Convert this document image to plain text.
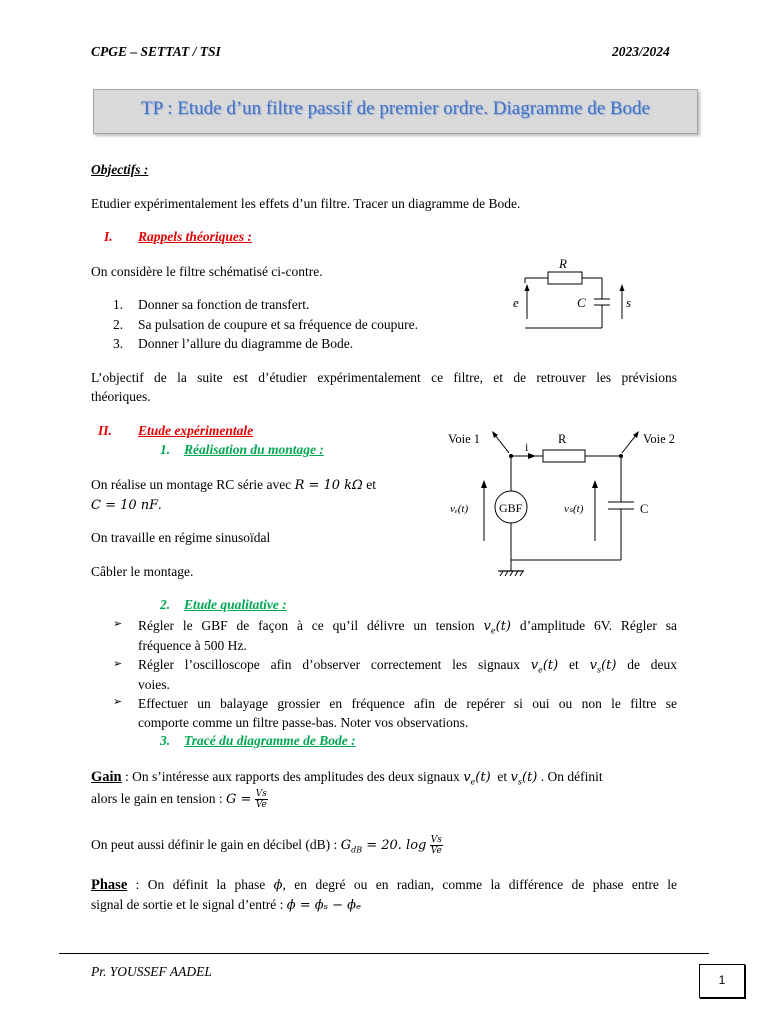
CPGE – SETTAT / TSI	2023/2024
TP : Etude d’un filtre passif de premier ordre. Diagramme de Bode
Objectifs :
Etudier expérimentalement les effets d’un filtre. Tracer un diagramme de Bode.
I. Rappels théoriques :
On considère le filtre schématisé ci-contre.
1. Donner sa fonction de transfert.
2. Sa pulsation de coupure et sa fréquence de coupure.
3. Donner l’allure du diagramme de Bode.
R
C
e	s
L’objectif de la suite est d’étudier expérimentalement ce filtre, et de retrouver les prévisions
théoriques.
II. Etude expérimentale
1. Réalisation du montage :
On réalise un montage RC série avec R = 10 kΩ et
C = 10 nF.
On travaille en régime sinusoïdal
Câbler le montage.
Voie 1	Voie 2
i
R
C
vₑ(t)	vₛ(t)
GBF
2. Etude qualitative :
➢ Régler le GBF de façon à ce qu’il délivre un tension $v_e(t)$ d’amplitude 6V. Régler sa
fréquence à 500 Hz.
➢ Régler l’oscilloscope afin d’observer correctement les signaux $v_e(t)$ et $v_s(t)$ de deux
voies.
➢ Effectuer un balayage grossier en fréquence afin de repérer si oui ou non le filtre se
comporte comme un filtre passe-bas. Noter vos observations.
3. Tracé du diagramme de Bode :
Gain : On s’intéresse aux rapports des amplitudes des deux signaux $v_e(t)$ et $v_s(t)$ . On définit
alors le gain en tension : $G = \frac{Vs}{Ve}$
On peut aussi définir le gain en décibel (dB) : $G_{dB} = 20$. $\log \frac{Vs}{Ve}$
Phase : On définit la phase ϕ, en degré ou en radian, comme la différence de phase entre le
signal de sortie et le signal d’entré : ϕ = ϕₛ − ϕₑ
Pr. YOUSSEF AADEL
1
